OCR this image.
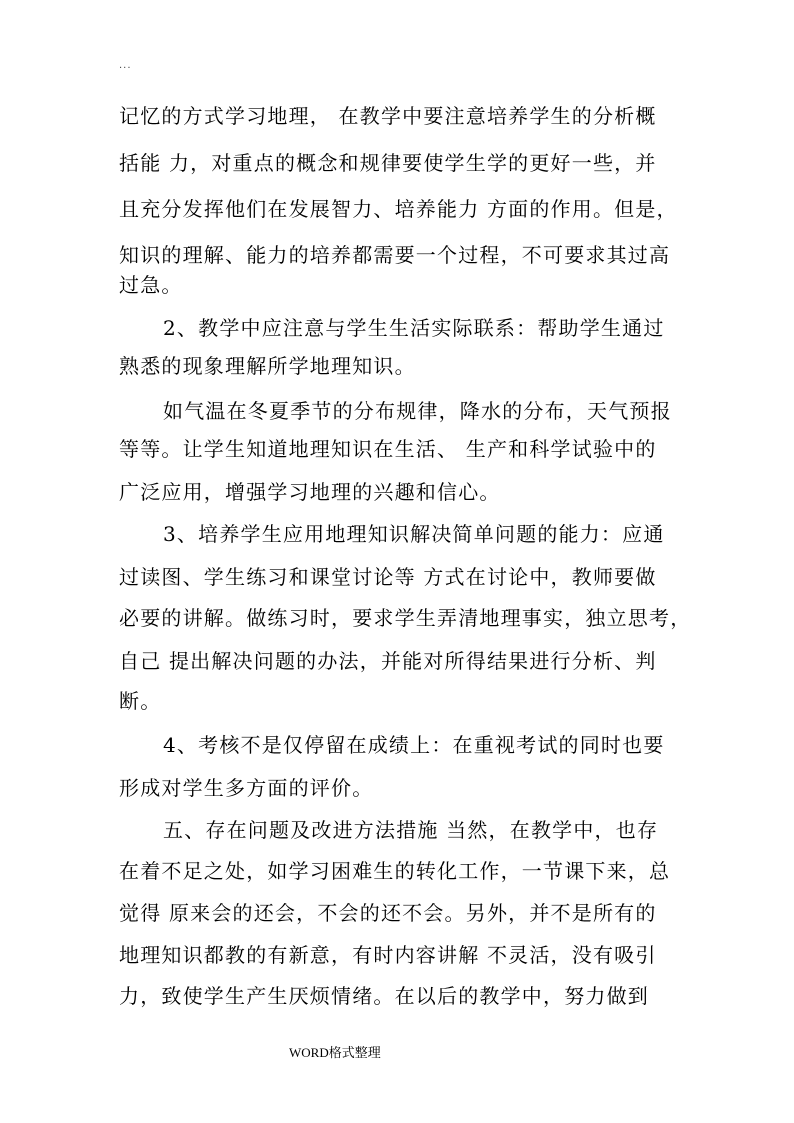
...
记忆的方式学习地理， 在教学中要注意培养学生的分析概
括能 力，对重点的概念和规律要使学生学的更好一些，并
且充分发挥他们在发展智力、培养能力 方面的作用。但是，
知识的理解、能力的培养都需要一个过程，不可要求其过高
过急。
2、教学中应注意与学生生活实际联系：帮助学生通过
熟悉的现象理解所学地理知识。
如气温在冬夏季节的分布规律，降水的分布，天气预报
等等。让学生知道地理知识在生活、 生产和科学试验中的
广泛应用，增强学习地理的兴趣和信心。
3、培养学生应用地理知识解决简单问题的能力：应通
过读图、学生练习和课堂讨论等 方式在讨论中，教师要做
必要的讲解。做练习时，要求学生弄清地理事实，独立思考，
自己 提出解决问题的办法，并能对所得结果进行分析、判
断。
4、考核不是仅停留在成绩上：在重视考试的同时也要
形成对学生多方面的评价。
五、存在问题及改进方法措施 当然，在教学中，也存
在着不足之处，如学习困难生的转化工作，一节课下来，总
觉得 原来会的还会，不会的还不会。另外，并不是所有的
地理知识都教的有新意，有时内容讲解 不灵活，没有吸引
力，致使学生产生厌烦情绪。在以后的教学中，努力做到
WORD格式整理
